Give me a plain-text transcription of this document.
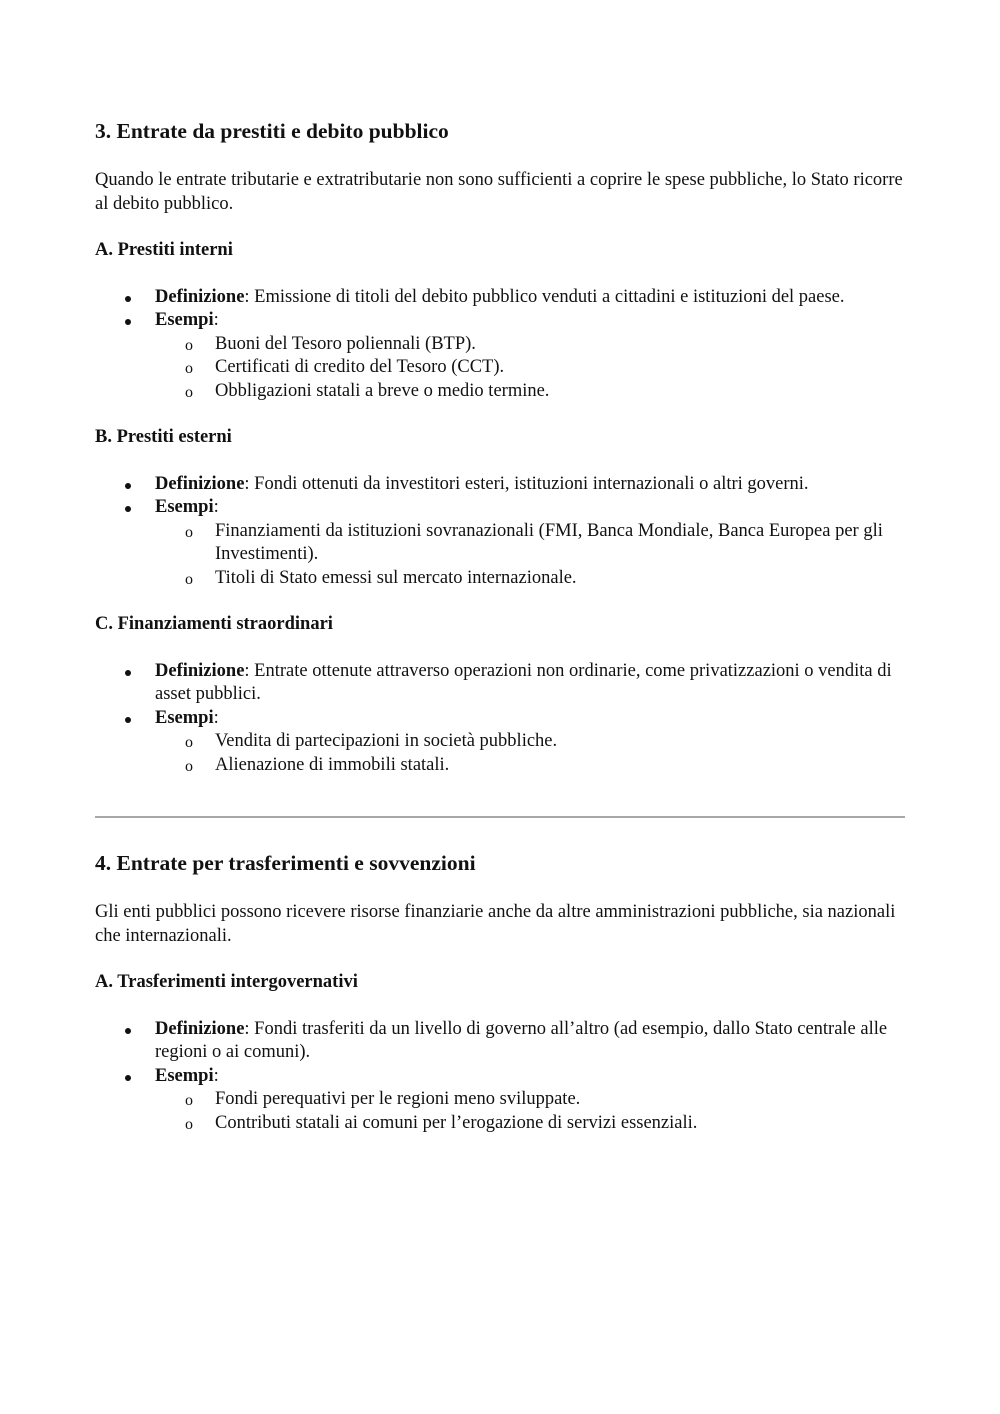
3. Entrate da prestiti e debito pubblico

Quando le entrate tributarie e extratributarie non sono sufficienti a coprire le spese pubbliche, lo Stato ricorre al debito pubblico.

A. Prestiti interni
Definizione: Emissione di titoli del debito pubblico venduti a cittadini e istituzioni del paese.
Esempi:
o Buoni del Tesoro poliennali (BTP).
o Certificati di credito del Tesoro (CCT).
o Obbligazioni statali a breve o medio termine.
B. Prestiti esterni
Definizione: Fondi ottenuti da investitori esteri, istituzioni internazionali o altri governi.
Esempi:
o Finanziamenti da istituzioni sovranazionali (FMI, Banca Mondiale, Banca Europea per gli Investimenti).
o Titoli di Stato emessi sul mercato internazionale.
C. Finanziamenti straordinari
Definizione: Entrate ottenute attraverso operazioni non ordinarie, come privatizzazioni o vendita di asset pubblici.
Esempi:
o Vendita di partecipazioni in società pubbliche.
o Alienazione di immobili statali.
4. Entrate per trasferimenti e sovvenzioni

Gli enti pubblici possono ricevere risorse finanziarie anche da altre amministrazioni pubbliche, sia nazionali che internazionali.

A. Trasferimenti intergovernativi
Definizione: Fondi trasferiti da un livello di governo all’altro (ad esempio, dallo Stato centrale alle regioni o ai comuni).
Esempi:
o Fondi perequativi per le regioni meno sviluppate.
o Contributi statali ai comuni per l’erogazione di servizi essenziali.
